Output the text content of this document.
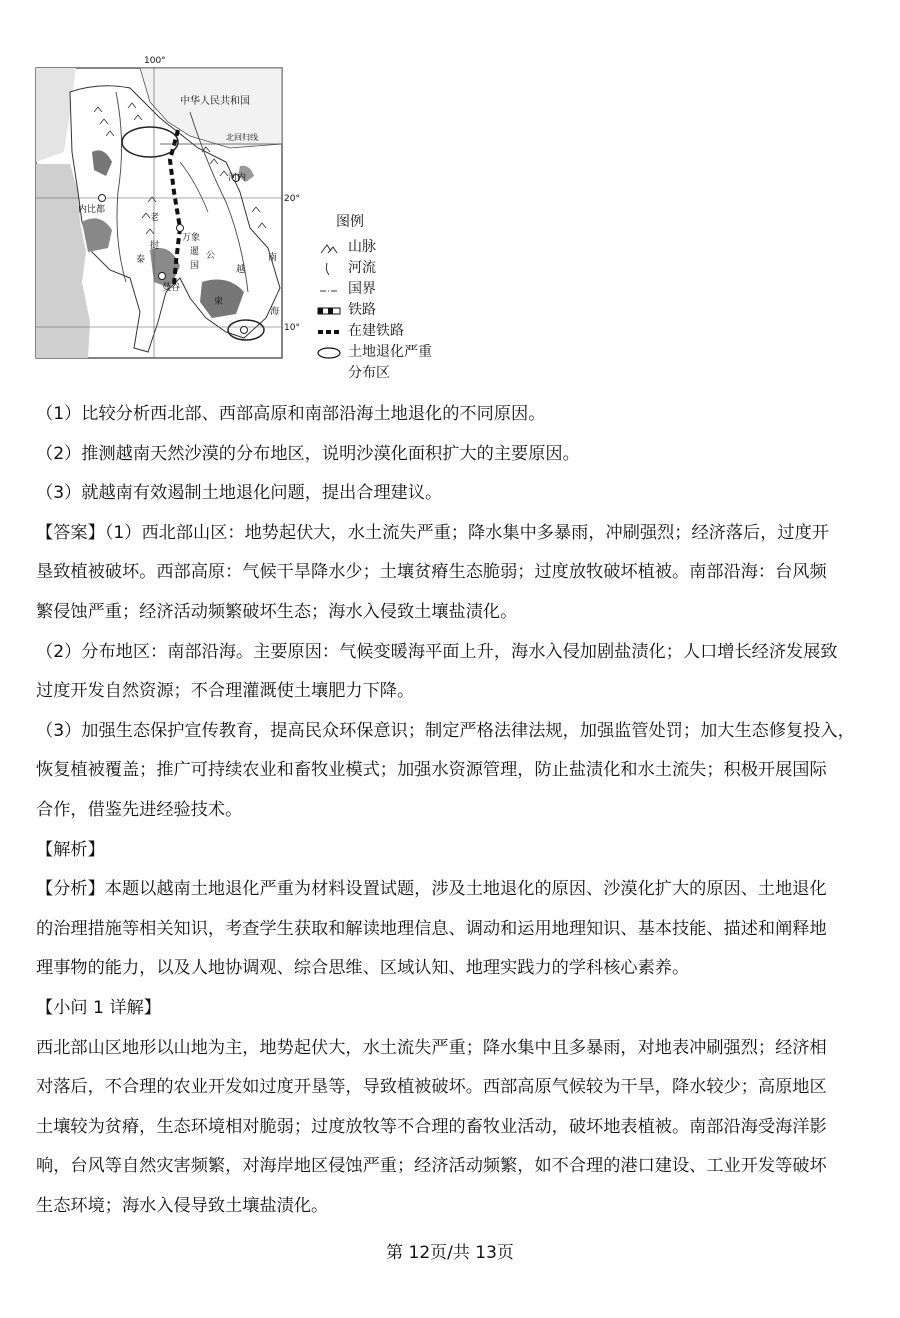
100°
20°
10°
中华人民共和国
北回归线
河内
内比都
万象
暹
国
曼谷
柬
老
挝
泰	南
海
公
越
图例
山脉
河流
国界
铁路
在建铁路
土地退化严重
分布区

（1）比较分析西北部、西部高原和南部沿海土地退化的不同原因。

（2）推测越南天然沙漠的分布地区，说明沙漠化面积扩大的主要原因。

（3）就越南有效遏制土地退化问题，提出合理建议。

【答案】（1）西北部山区：地势起伏大，水土流失严重；降水集中多暴雨，冲刷强烈；经济落后，过度开

垦致植被破坏。西部高原：气候干旱降水少；土壤贫瘠生态脆弱；过度放牧破坏植被。南部沿海：台风频

繁侵蚀严重；经济活动频繁破坏生态；海水入侵致土壤盐渍化。

（2）分布地区：南部沿海。主要原因：气候变暖海平面上升，海水入侵加剧盐渍化；人口增长经济发展致

过度开发自然资源；不合理灌溉使土壤肥力下降。

（3）加强生态保护宣传教育，提高民众环保意识；制定严格法律法规，加强监管处罚；加大生态修复投入，

恢复植被覆盖；推广可持续农业和畜牧业模式；加强水资源管理，防止盐渍化和水土流失；积极开展国际

合作，借鉴先进经验技术。

【解析】

【分析】本题以越南土地退化严重为材料设置试题，涉及土地退化的原因、沙漠化扩大的原因、土地退化

的治理措施等相关知识，考查学生获取和解读地理信息、调动和运用地理知识、基本技能、描述和阐释地

理事物的能力，以及人地协调观、综合思维、区域认知、地理实践力的学科核心素养。

【小问 1 详解】

西北部山区地形以山地为主，地势起伏大，水土流失严重；降水集中且多暴雨，对地表冲刷强烈；经济相

对落后，不合理的农业开发如过度开垦等，导致植被破坏。西部高原气候较为干旱，降水较少；高原地区

土壤较为贫瘠，生态环境相对脆弱；过度放牧等不合理的畜牧业活动，破坏地表植被。南部沿海受海洋影

响，台风等自然灾害频繁，对海岸地区侵蚀严重；经济活动频繁，如不合理的港口建设、工业开发等破坏

生态环境；海水入侵导致土壤盐渍化。

第 12页/共 13页
